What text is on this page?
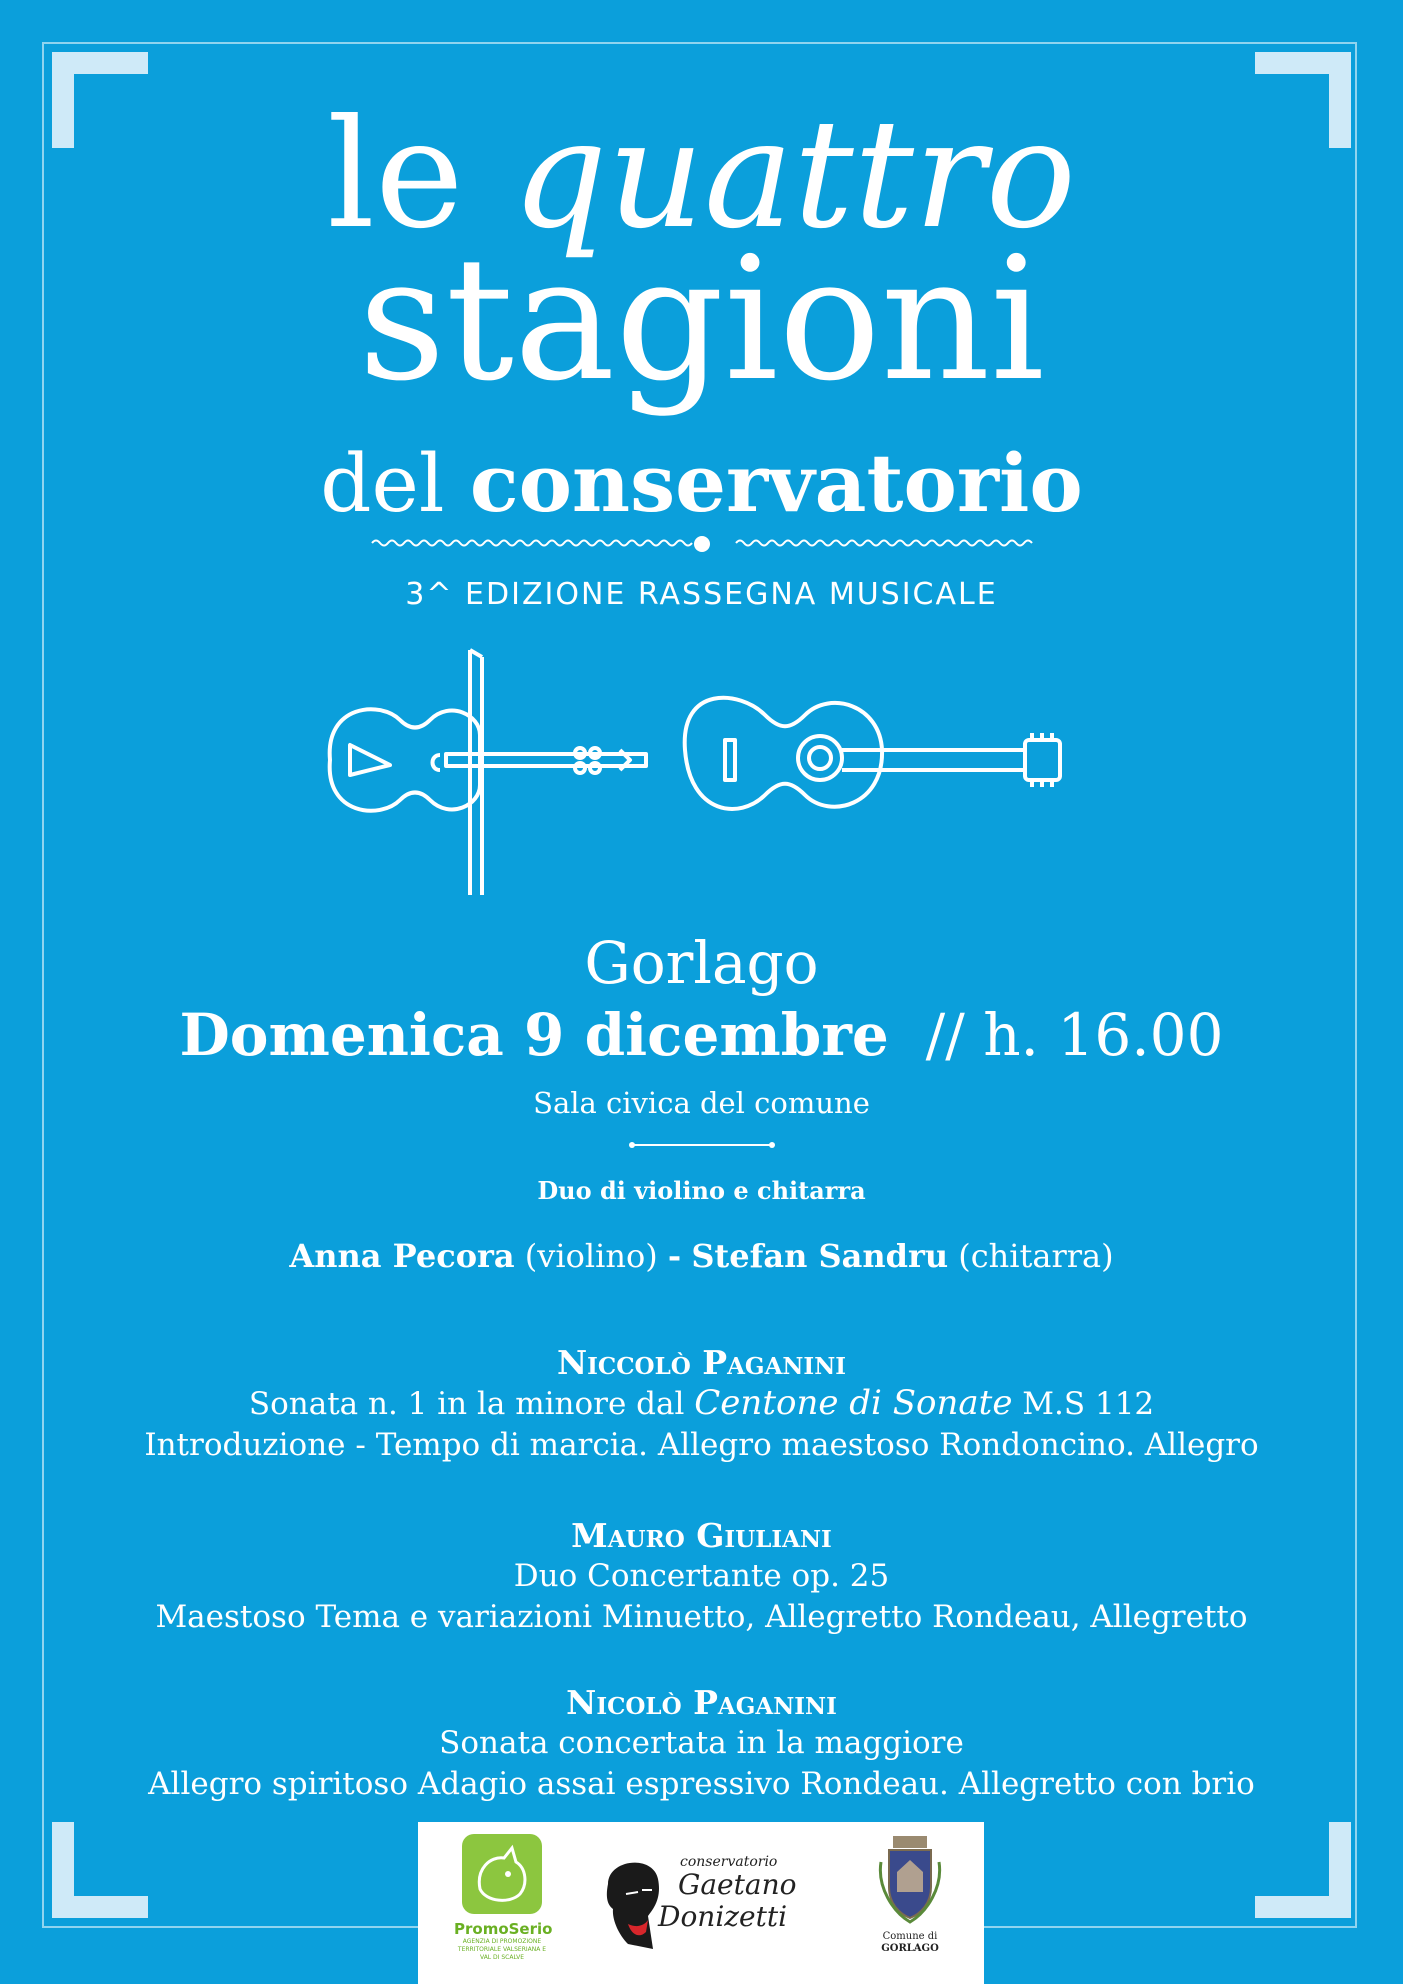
le quattro
stagioni
del conservatorio
3^ EDIZIONE RASSEGNA MUSICALE
Gorlago
Domenica 9 dicembre // h. 16.00
Sala civica del comune
Duo di violino e chitarra
Anna Pecora (violino) - Stefan Sandru (chitarra)
Niccolò Paganini
Sonata n. 1 in la minore dal Centone di Sonate M.S 112
Introduzione - Tempo di marcia. Allegro maestoso Rondoncino. Allegro
Mauro Giuliani
Duo Concertante op. 25
Maestoso Tema e variazioni Minuetto, Allegretto Rondeau, Allegretto
Nicolò Paganini
Sonata concertata in la maggiore
Allegro spiritoso Adagio assai espressivo Rondeau. Allegretto con brio
PromoSerio
AGENZIA DI PROMOZIONE TERRITORIALE VALSERIANA E VAL DI SCALVE
conservatorio
Gaetano
Donizetti
Comune di
GORLAGO
